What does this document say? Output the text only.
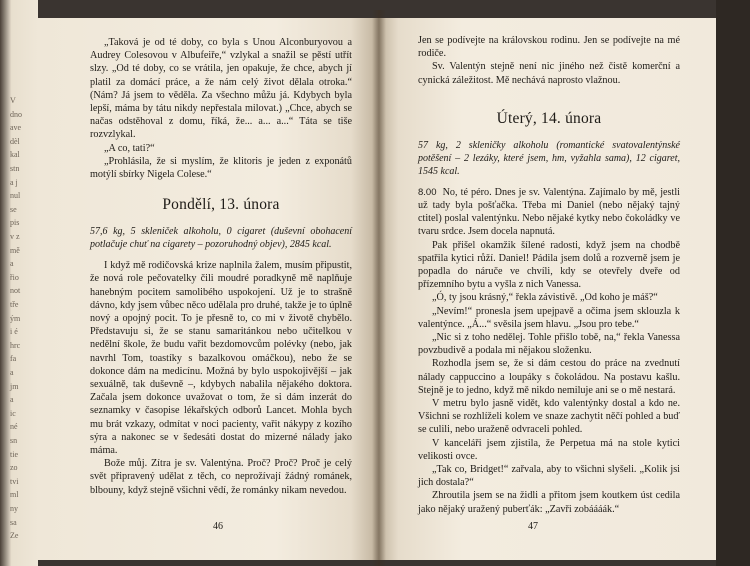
V
dno
ave
dèl
kal
stn
a j
nul
se
pis
v z
mě
a
řio
not
tře
ým
i é
hrc
fa
a
jm
a
ic
né
sn
tie
zo
tvi
ml
ny
sa
Ze

„Taková je od té doby, co byla s Unou Alconburyovou a Audrey Colesovou v Albufeiře,“ vzlykal a snažil se pěstí utřít slzy. „Od té doby, co se vrátila, jen opakuje, že chce, abych jí platil za domácí práce, a že nám celý život dělala otroka.“ (Nám? Já jsem to věděla. Za všechno můžu já. Kdybych byla lepší, máma by tátu nikdy nepřestala milovat.) „Chce, abych se načas odstěhoval z domu, říká, že... a... a...“ Táta se tiše rozvzlykal.

„A co, tati?“

„Prohlásila, že si myslím, že klitoris je jeden z exponátů motýlí sbírky Nigela Colese.“

Pondělí, 13. února

57,6 kg, 5 skleniček alkoholu, 0 cigaret (duševní obohacení potlačuje chuť na cigarety – pozoruhodný objev), 2845 kcal.

I když mě rodičovská krize naplnila žalem, musím připustit, že nová role pečovatelky čili moudré poradkyně mě naplňuje hanebným pocitem samolibého uspokojení. Už je to strašně dávno, kdy jsem vůbec něco udělala pro druhé, takže je to úplně nový a opojný pocit. To je přesně to, co mi v životě chybělo. Představuju si, že se stanu samaritánkou nebo učitelkou v nedělní škole, že budu vařit bezdomovcům polévky (nebo, jak navrhl Tom, toastíky s bazalkovou omáčkou), nebo že se dokonce dám na medicínu. Možná by bylo uspokojivější – jak sexuálně, tak duševně –, kdybych nabalila nějakého doktora. Začala jsem dokonce uvažovat o tom, že si dám inzerát do seznamky v časopise lékařských odborů Lancet. Mohla bych mu brát vzkazy, odmítat v noci pacienty, vařit nákypy z kozího sýra a nakonec se v šedesáti dostat do mizerné nálady jako máma.

Bože můj. Zítra je sv. Valentýna. Proč? Proč? Proč je celý svět připravený udělat z těch, co neprožívají žádný románek, blbouny, když stejně všichni vědí, že románky nikam nevedou.

46

Jen se podívejte na královskou rodinu. Jen se podívejte na mé rodiče.

Sv. Valentýn stejně není nic jiného než čistě komerční a cynická záležitost. Mě nechává naprosto vlažnou.

Úterý, 14. února

57 kg, 2 skleničky alkoholu (romantické svatovalentýnské potěšení – 2 lezáky, které jsem, hm, vyžahla sama), 12 cigaret, 1545 kcal.

8.00 No, té péro. Dnes je sv. Valentýna. Zajímalo by mě, jestli už tady byla pošťačka. Třeba mi Daniel (nebo nějaký tajný ctitel) poslal valentýnku. Nebo nějaké kytky nebo čokoládky ve tvaru srdce. Jsem docela napnutá.

Pak přišel okamžik šílené radosti, když jsem na chodbě spatřila kytici růží. Daniel! Pádila jsem dolů a rozverně jsem je popadla do náruče ve chvíli, kdy se otevřely dveře od přízemního bytu a vyšla z nich Vanessa.

„Ó, ty jsou krásný,“ řekla závistivě. „Od koho je máš?“

„Nevím!“ pronesla jsem upejpavě a očima jsem sklouzla k valentýnce. „Á...“ svěsila jsem hlavu. „Jsou pro tebe.“

„Nic si z toho nedělej. Tohle přišlo tobě, na,“ řekla Vanessa povzbudivě a podala mi nějakou složenku.

Rozhodla jsem se, že si dám cestou do práce na zvednutí nálady cappuccino a loupáky s čokoládou. Na postavu kašlu. Stejně je to jedno, když mě nikdo nemiluje ani se o mě nestará.

V metru bylo jasně vidět, kdo valentýnky dostal a kdo ne. Všichni se rozhlíželi kolem ve snaze zachytit něčí pohled a buď se culili, nebo uraženě odvraceli pohled.

V kanceláři jsem zjistila, že Perpetua má na stole kytici velikosti ovce.

„Tak co, Bridget!“ zařvala, aby to všichni slyšeli. „Kolik jsi jich dostala?“

Zhroutila jsem se na židli a přitom jsem koutkem úst cedila jako nějaký uražený puberťák: „Zavři zobáááák.“

47
